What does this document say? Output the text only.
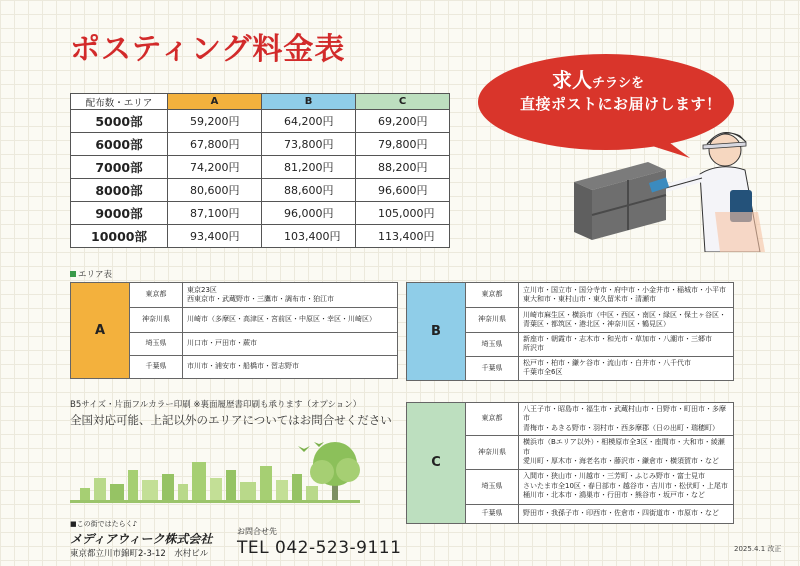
ポスティング料金表
配布数・エリア	A	B	C
5000部	59,200円	64,200円	69,200円
6000部	67,800円	73,800円	79,800円
7000部	74,200円	81,200円	88,200円
8000部	80,600円	88,600円	96,600円
9000部	87,100円	96,000円	105,000円
10000部	93,400円	103,400円	113,400円
求人チラシを
直接ポストにお届けします！
エリア表
A	東京都	東京23区
西東京市・武蔵野市・三鷹市・調布市・狛江市
	神奈川県	川崎市（多摩区・高津区・宮前区・中原区・幸区・川崎区）
	埼玉県	川口市・戸田市・蕨市
	千葉県	市川市・浦安市・船橋市・習志野市
B	東京都	立川市・国立市・国分寺市・府中市・小金井市・稲城市・小平市
東大和市・東村山市・東久留米市・清瀬市
	神奈川県	川崎市麻生区・横浜市（中区・西区・南区・緑区・保土ヶ谷区・
青葉区・都筑区・港北区・神奈川区・鶴見区）
	埼玉県	新座市・朝霞市・志木市・和光市・草加市・八潮市・三郷市
所沢市
	千葉県	松戸市・柏市・鎌ケ谷市・流山市・白井市・八千代市
千葉市全6区
C	東京都	八王子市・昭島市・福生市・武蔵村山市・日野市・町田市・多摩市
青梅市・あきる野市・羽村市・西多摩郡（日の出町・瑞穂町）
	神奈川県	横浜市（Bエリア以外）・相模原市全3区・座間市・大和市・綾瀬市
愛川町・厚木市・海老名市・藤沢市・鎌倉市・横須賀市・など
	埼玉県	入間市・狭山市・川越市・三芳町・ふじみ野市・富士見市
さいたま市全10区・春日部市・越谷市・吉川市・松伏町・上尾市
桶川市・北本市・鴻巣市・行田市・熊谷市・坂戸市・など
	千葉県	野田市・我孫子市・印西市・佐倉市・四街道市・市原市・など
B5サイズ・片面フルカラー印刷 ※裏面履歴書印刷も承ります（オプション）
全国対応可能、上記以外のエリアについてはお問合せください
■この街ではたらく♪
メディアウィーク株式会社
東京都立川市錦町2-3-12　水村ビル
お問合せ先
TEL 042-523-9111	2025.4.1 改正
